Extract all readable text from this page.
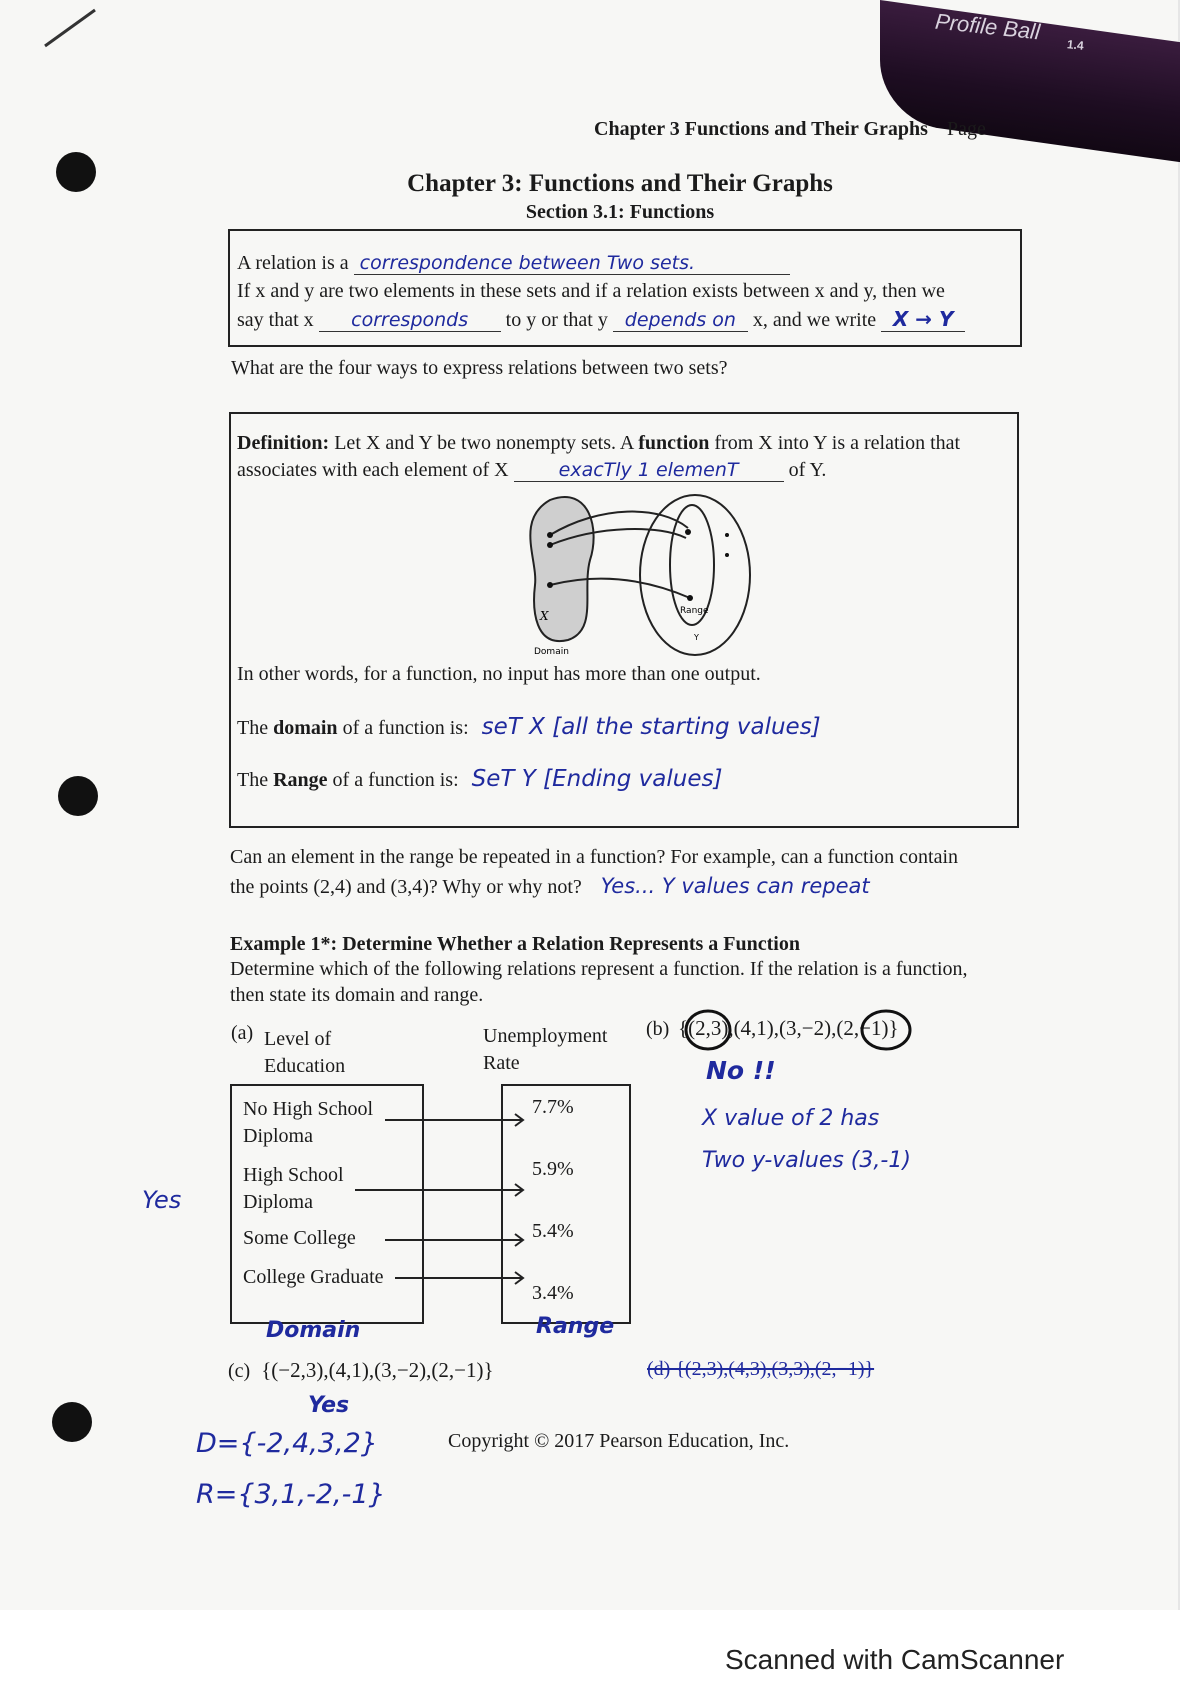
Profile Ball
1.4
Chapter 3 Functions and Their Graphs Page
Chapter 3: Functions and Their Graphs
Section 3.1: Functions
A relation is a correspondence between Two sets.
If x and y are two elements in these sets and if a relation exists between x and y, then we
say that x corresponds to y or that y depends on x, and we write X → Y
What are the four ways to express relations between two sets?
Definition: Let X and Y be two nonempty sets. A function from X into Y is a relation that
associates with each element of X	exacTly 1 elemenT	of Y.
X
Domain
Range
Y
In other words, for a function, no input has more than one output.
The domain of a function is: seT X [all the starting values]
The Range of a function is: SeT Y [Ending values]
Can an element in the range be repeated in a function? For example, can a function contain
the points (2,4) and (3,4)? Why or why not? Yes... Y values can repeat
Example 1*: Determine Whether a Relation Represents a Function
Determine which of the following relations represent a function. If the relation is a function,
then state its domain and range.
(a) Level of
Education
Unemployment
Rate
No High School
Diploma
High School
Diploma
Some College
College Graduate
7.7%
5.9%
5.4%
3.4%
Domain	Range
Yes
(b) {(2,3),(4,1),(3,−2),(2,−1)}
No !!
X value of 2 has
Two y-values (3,-1)
(c) {(−2,3),(4,1),(3,−2),(2,−1)}
Yes
D={-2,4,3,2}
R={3,1,-2,-1}
(d) {(2,3),(4,3),(3,3),(2,−1)}
Copyright © 2017 Pearson Education, Inc.
Scanned with CamScanner
